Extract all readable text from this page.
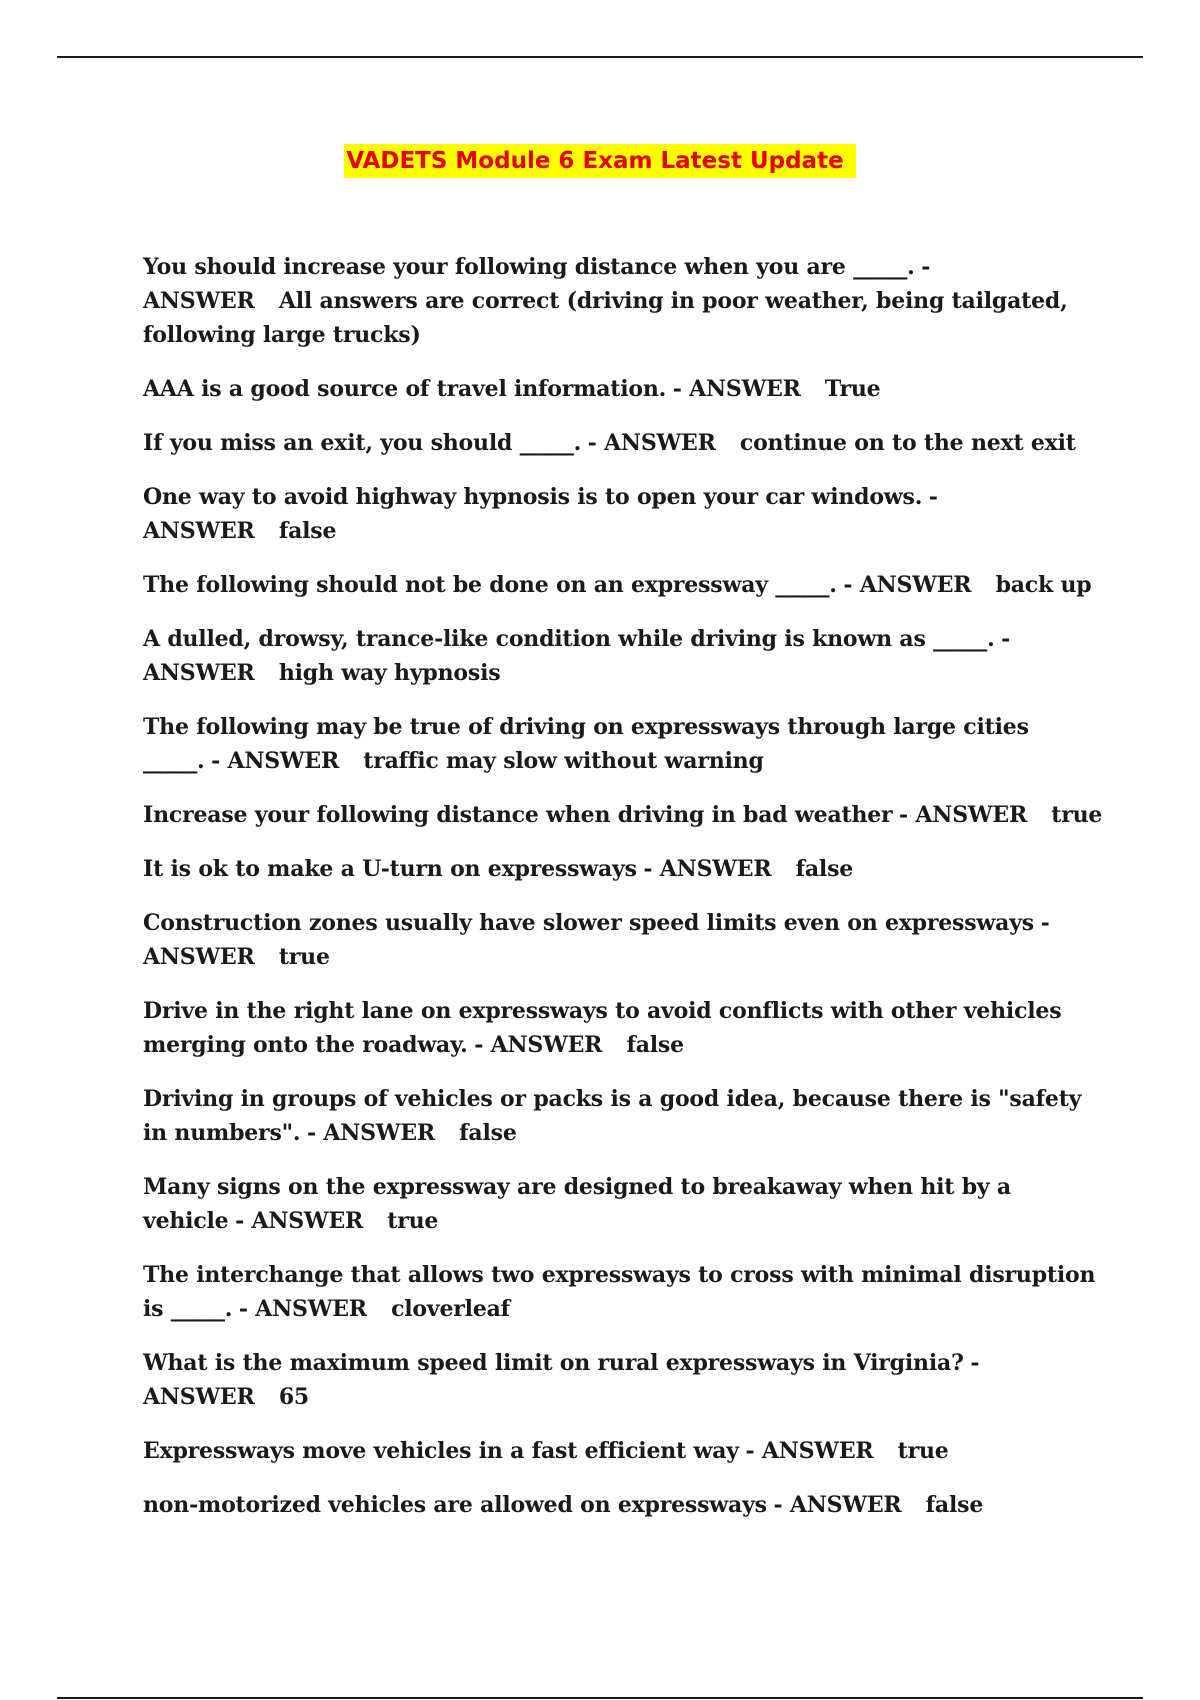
VADETS Module 6 Exam Latest Update
You should increase your following distance when you are _____. - ANSWER All answers are correct (driving in poor weather, being tailgated, following large trucks)
AAA is a good source of travel information. - ANSWER True
If you miss an exit, you should _____. - ANSWER continue on to the next exit
One way to avoid highway hypnosis is to open your car windows. - ANSWER false
The following should not be done on an expressway _____. - ANSWER back up
A dulled, drowsy, trance-like condition while driving is known as _____. - ANSWER high way hypnosis
The following may be true of driving on expressways through large cities _____. - ANSWER traffic may slow without warning
Increase your following distance when driving in bad weather - ANSWER true
It is ok to make a U-turn on expressways - ANSWER false
Construction zones usually have slower speed limits even on expressways - ANSWER true
Drive in the right lane on expressways to avoid conflicts with other vehicles merging onto the roadway. - ANSWER false
Driving in groups of vehicles or packs is a good idea, because there is "safety in numbers". - ANSWER false
Many signs on the expressway are designed to breakaway when hit by a vehicle - ANSWER true
The interchange that allows two expressways to cross with minimal disruption is _____. - ANSWER cloverleaf
What is the maximum speed limit on rural expressways in Virginia? - ANSWER 65
Expressways move vehicles in a fast efficient way - ANSWER true
non-motorized vehicles are allowed on expressways - ANSWER false
